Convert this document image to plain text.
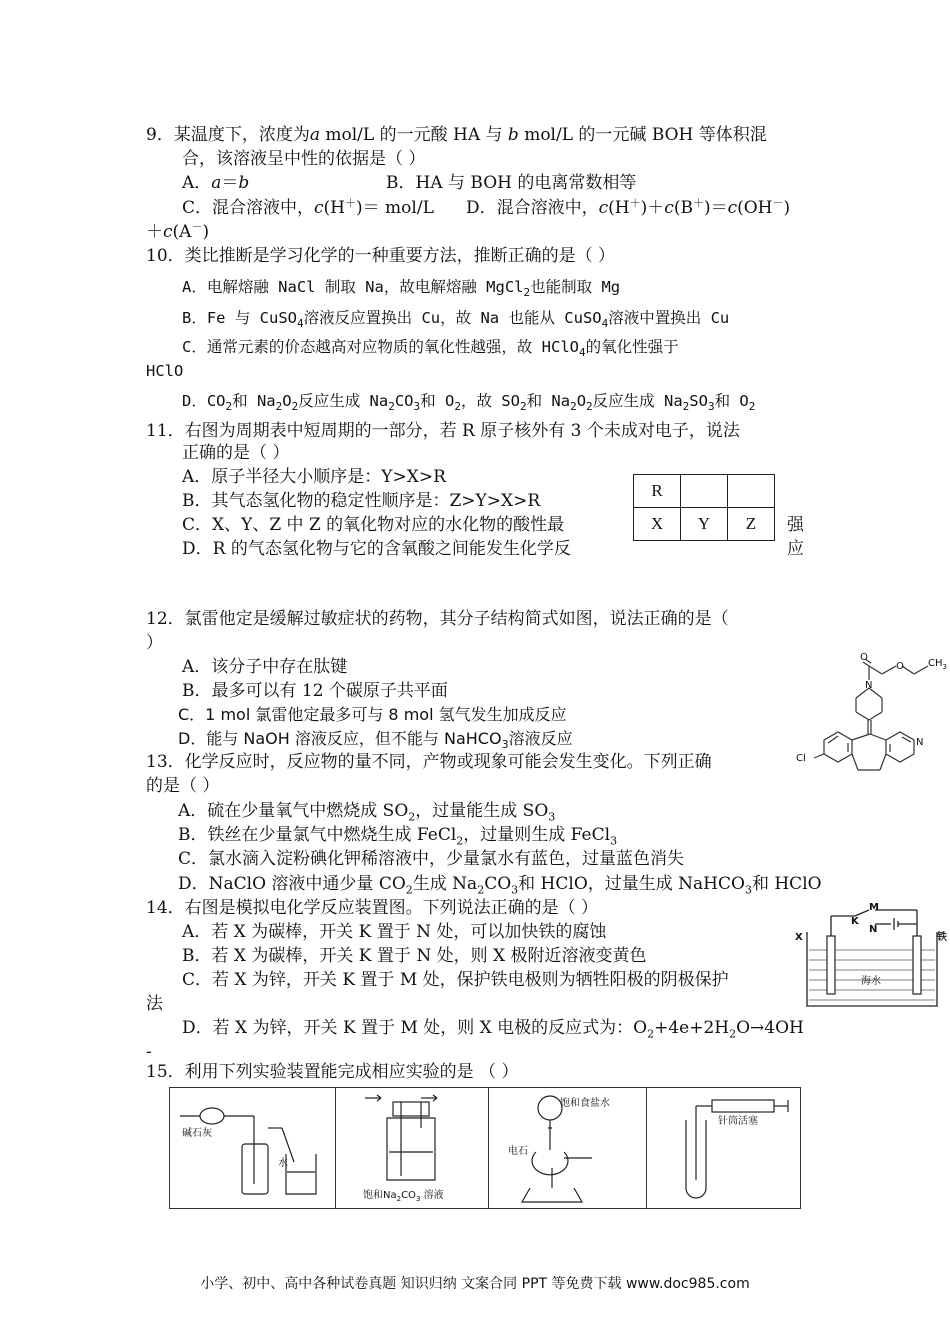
9．某温度下，浓度为a mol/L 的一元酸 HA 与 b mol/L 的一元碱 BOH 等体积混
合，该溶液呈中性的依据是（ ）
A．a＝b	B．HA 与 BOH 的电离常数相等
C．混合溶液中，c(H＋)＝ mol/L D．混合溶液中，c(H＋)＋c(B＋)＝c(OH－)
＋c(A－)
10．类比推断是学习化学的一种重要方法，推断正确的是（ ）
A．电解熔融 NaCl 制取 Na，故电解熔融 MgCl$_2$也能制取 Mg
B．Fe 与 CuSO$_4$溶液反应置换出 Cu，故 Na 也能从 CuSO$_4$溶液中置换出 Cu
C．通常元素的价态越高对应物质的氧化性越强，故 HClO$_4$的氧化性强于
HClO
D．$CO_2$和 $Na_2O_2$反应生成 $Na_2CO_3$和 $O_2$，故 $SO_2$和 $Na_2O_2$反应生成 $Na_2SO_3$和 $O_2$
11．右图为周期表中短周期的一部分，若 R 原子核外有 3 个未成对电子，说法
正确的是（ ）
A．原子半径大小顺序是：Y>X>R
B．其气态氢化物的稳定性顺序是：Z>Y>X>R
C．X、Y、Z 中 Z 的氧化物对应的水化物的酸性最	强
D．R 的气态氢化物与它的含氧酸之间能发生化学反	应
R		
X	Y	Z
12．氯雷他定是缓解过敏症状的药物，其分子结构简式如图，说法正确的是（
）
A．该分子中存在肽键
B．最多可以有 12 个碳原子共平面
C．1 mol 氯雷他定最多可与 8 mol 氢气发生加成反应
D．能与 NaOH 溶液反应，但不能与 NaHCO$_3$溶液反应
O
O $CH_3$
N
N
Cl
13．化学反应时，反应物的量不同，产物或现象可能会发生变化。下列正确
的是（ ）
A．硫在少量氧气中燃烧成 $SO_2$，过量能生成 $SO_3$
B．铁丝在少量氯气中燃烧生成 FeCl$_2$，过量则生成 FeCl$_3$
C．氯水滴入淀粉碘化钾稀溶液中，少量氯水有蓝色，过量蓝色消失
D．NaClO 溶液中通少量 $CO_2$生成 $Na_2CO_3$和 HClO，过量生成 NaHCO$_3$和 HClO
14．右图是模拟电化学反应装置图。下列说法正确的是（ ）
A．若 X 为碳棒，开关 K 置于 N 处，可以加快铁的腐蚀
B．若 X 为碳棒，开关 K 置于 N 处，则 X 极附近溶液变黄色
C．若 X 为锌，开关 K 置于 M 处，保护铁电极则为牺牲阳极的阴极保护
法
D．若 X 为锌，开关 K 置于 M 处，则 X 电极的反应式为：$O_2+4e+2H_2O\to 4OH$
-
K
M
N
X	铁
海水
15．利用下列实验装置能完成相应实验的是 （ ）
碱石灰
水
饱和$Na_2CO_3$ 溶液
饱和食盐水
电石
针筒活塞
小学、初中、高中各种试卷真题 知识归纳 文案合同 PPT 等免费下载 www.doc985.com
